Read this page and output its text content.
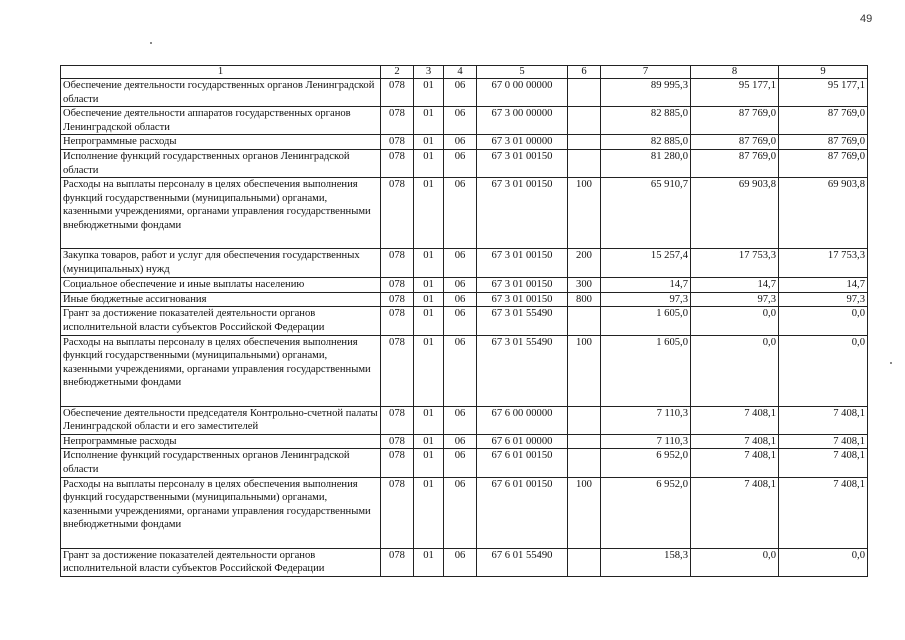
49
1	2	3	4	5	6	7	8	9
Обеспечение деятельности государственных органов Ленинградской области	078	01	06	67 0 00 00000		89 995,3	95 177,1	95 177,1
Обеспечение деятельности аппаратов государственных органов Ленинградской области	078	01	06	67 3 00 00000		82 885,0	87 769,0	87 769,0
Непрограммные расходы	078	01	06	67 3 01 00000		82 885,0	87 769,0	87 769,0
Исполнение функций государственных органов Ленинградской области	078	01	06	67 3 01 00150		81 280,0	87 769,0	87 769,0
Расходы на выплаты персоналу в целях обеспечения выполнения функций государственными (муниципальными) органами, казенными учреждениями, органами управления государственными внебюджетными фондами	078	01	06	67 3 01 00150	100	65 910,7	69 903,8	69 903,8
Закупка товаров, работ и услуг для обеспечения государственных (муниципальных) нужд	078	01	06	67 3 01 00150	200	15 257,4	17 753,3	17 753,3
Социальное обеспечение и иные выплаты населению	078	01	06	67 3 01 00150	300	14,7	14,7	14,7
Иные бюджетные ассигнования	078	01	06	67 3 01 00150	800	97,3	97,3	97,3
Грант за достижение показателей деятельности органов исполнительной власти субъектов Российской Федерации	078	01	06	67 3 01 55490		1 605,0	0,0	0,0
Расходы на выплаты персоналу в целях обеспечения выполнения функций государственными (муниципальными) органами, казенными учреждениями, органами управления государственными внебюджетными фондами	078	01	06	67 3 01 55490	100	1 605,0	0,0	0,0
Обеспечение деятельности председателя Контрольно-счетной палаты Ленинградской области и его заместителей	078	01	06	67 6 00 00000		7 110,3	7 408,1	7 408,1
Непрограммные расходы	078	01	06	67 6 01 00000		7 110,3	7 408,1	7 408,1
Исполнение функций государственных органов Ленинградской области	078	01	06	67 6 01 00150		6 952,0	7 408,1	7 408,1
Расходы на выплаты персоналу в целях обеспечения выполнения функций государственными (муниципальными) органами, казенными учреждениями, органами управления государственными внебюджетными фондами	078	01	06	67 6 01 00150	100	6 952,0	7 408,1	7 408,1
Грант за достижение показателей деятельности органов исполнительной власти субъектов Российской Федерации	078	01	06	67 6 01 55490		158,3	0,0	0,0
